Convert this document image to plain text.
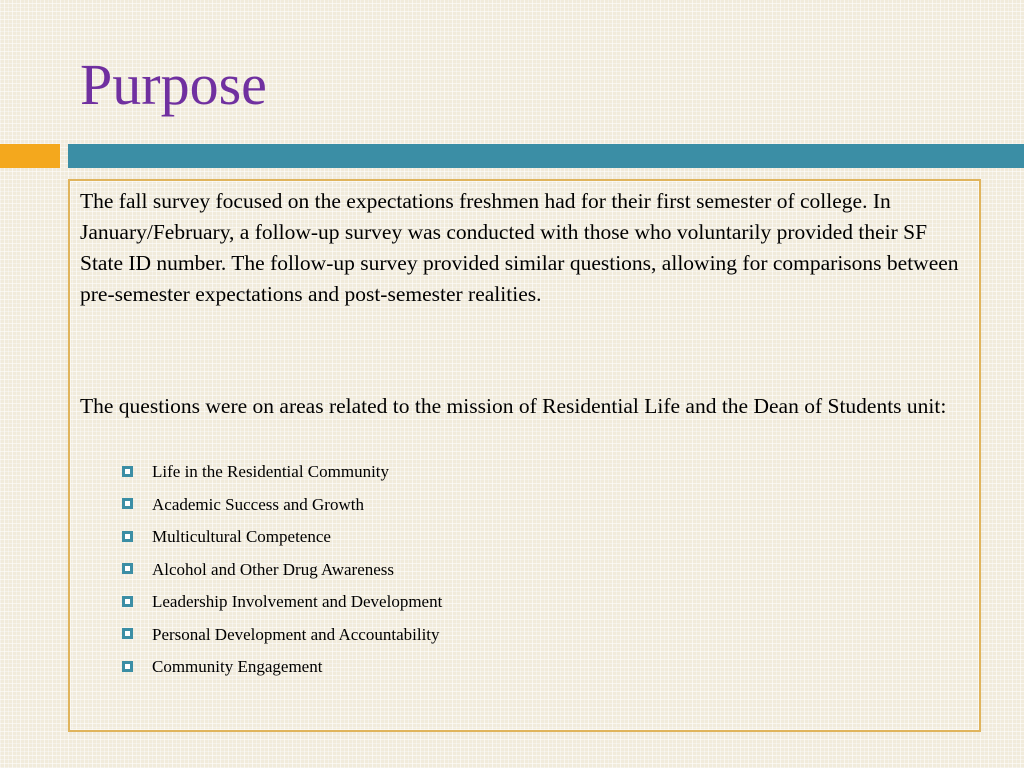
Purpose

The fall survey focused on the expectations freshmen had for their first semester of college. In January/February, a follow-up survey was conducted with those who voluntarily provided their SF State ID number. The follow-up survey provided similar questions, allowing for comparisons between pre-semester expectations and post-semester realities.

The questions were on areas related to the mission of Residential Life and the Dean of Students unit:

Life in the Residential Community
Academic Success and Growth
Multicultural Competence
Alcohol and Other Drug Awareness
Leadership Involvement and Development
Personal Development and Accountability
Community Engagement
